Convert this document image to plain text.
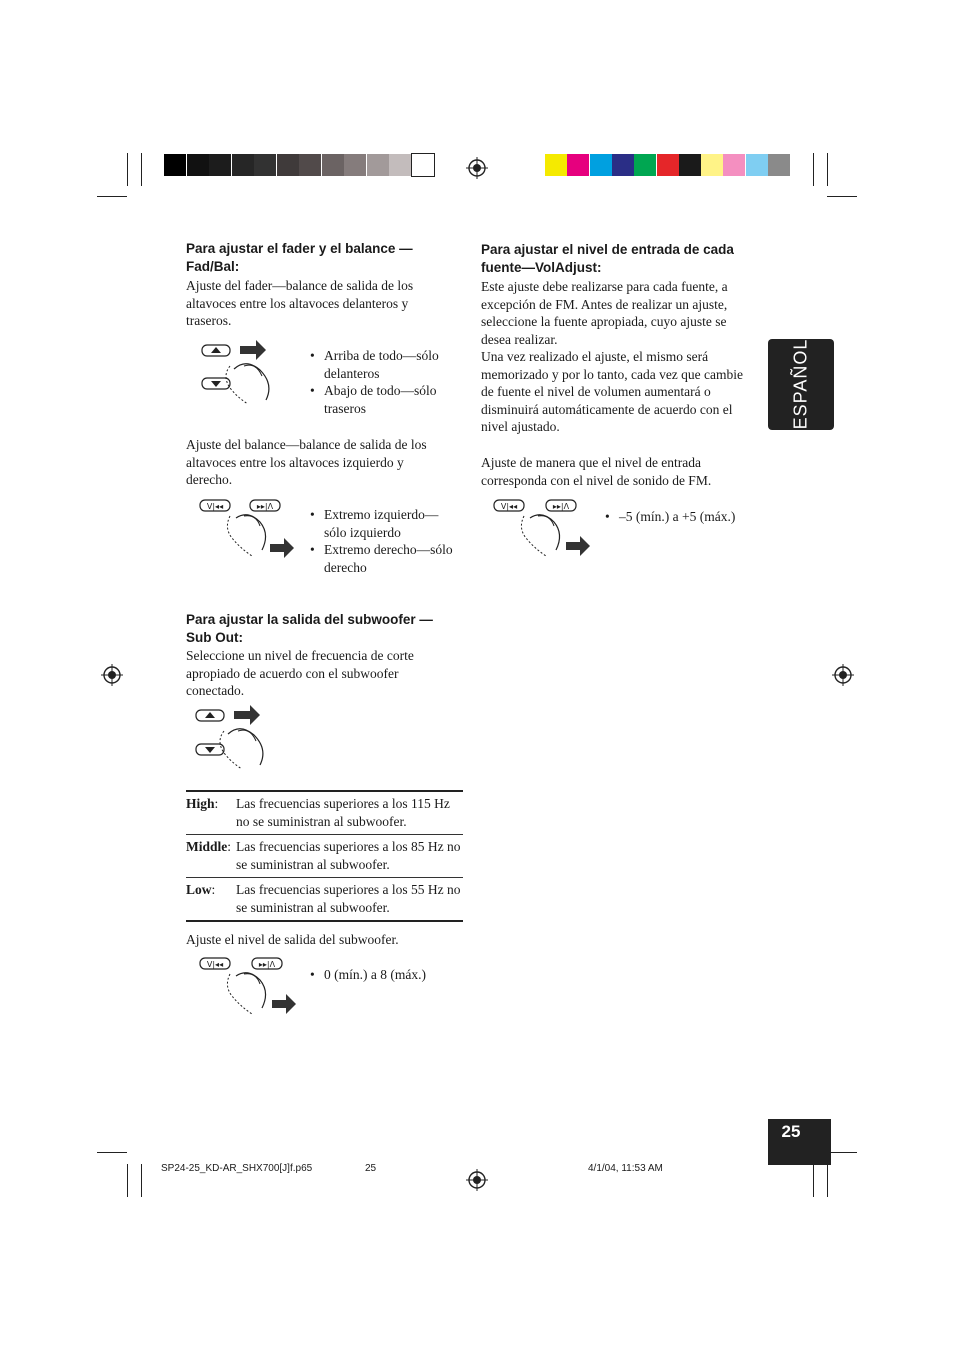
ESPAÑOL
Para ajustar el fader y el balance —Fad/Bal:
Ajuste del fader—balance de salida de los altavoces entre los altavoces delanteros y traseros.
• Arriba de todo—sólo delanteros
• Abajo de todo—sólo traseros
Ajuste del balance—balance de salida de los altavoces entre los altavoces izquierdo y derecho.
V|◂◂	▸▸|Λ
• Extremo izquierdo— sólo izquierdo
• Extremo derecho—sólo derecho
Para ajustar la salida del subwoofer —Sub Out:
Seleccione un nivel de frecuencia de corte apropiado de acuerdo con el subwoofer conectado.
High:	Las frecuencias superiores a los 115 Hz no se suministran al subwoofer.
Middle:	Las frecuencias superiores a los 85 Hz no se suministran al subwoofer.
Low:	Las frecuencias superiores a los 55 Hz no se suministran al subwoofer.
Ajuste el nivel de salida del subwoofer.
V|◂◂	▸▸|Λ
• 0 (mín.) a 8 (máx.)
Para ajustar el nivel de entrada de cada fuente—VolAdjust:
Este ajuste debe realizarse para cada fuente, a excepción de FM. Antes de realizar un ajuste, seleccione la fuente apropiada, cuyo ajuste se desea realizar.
Una vez realizado el ajuste, el mismo será memorizado y por lo tanto, cada vez que cambie de fuente el nivel de volumen aumentará o disminuirá automáticamente de acuerdo con el nivel ajustado.
Ajuste de manera que el nivel de entrada corresponda con el nivel de sonido de FM.
V|◂◂	▸▸|Λ
• –5 (mín.) a +5 (máx.)
25
SP24-25_KD-AR_SHX700[J]f.p65	25	4/1/04, 11:53 AM
